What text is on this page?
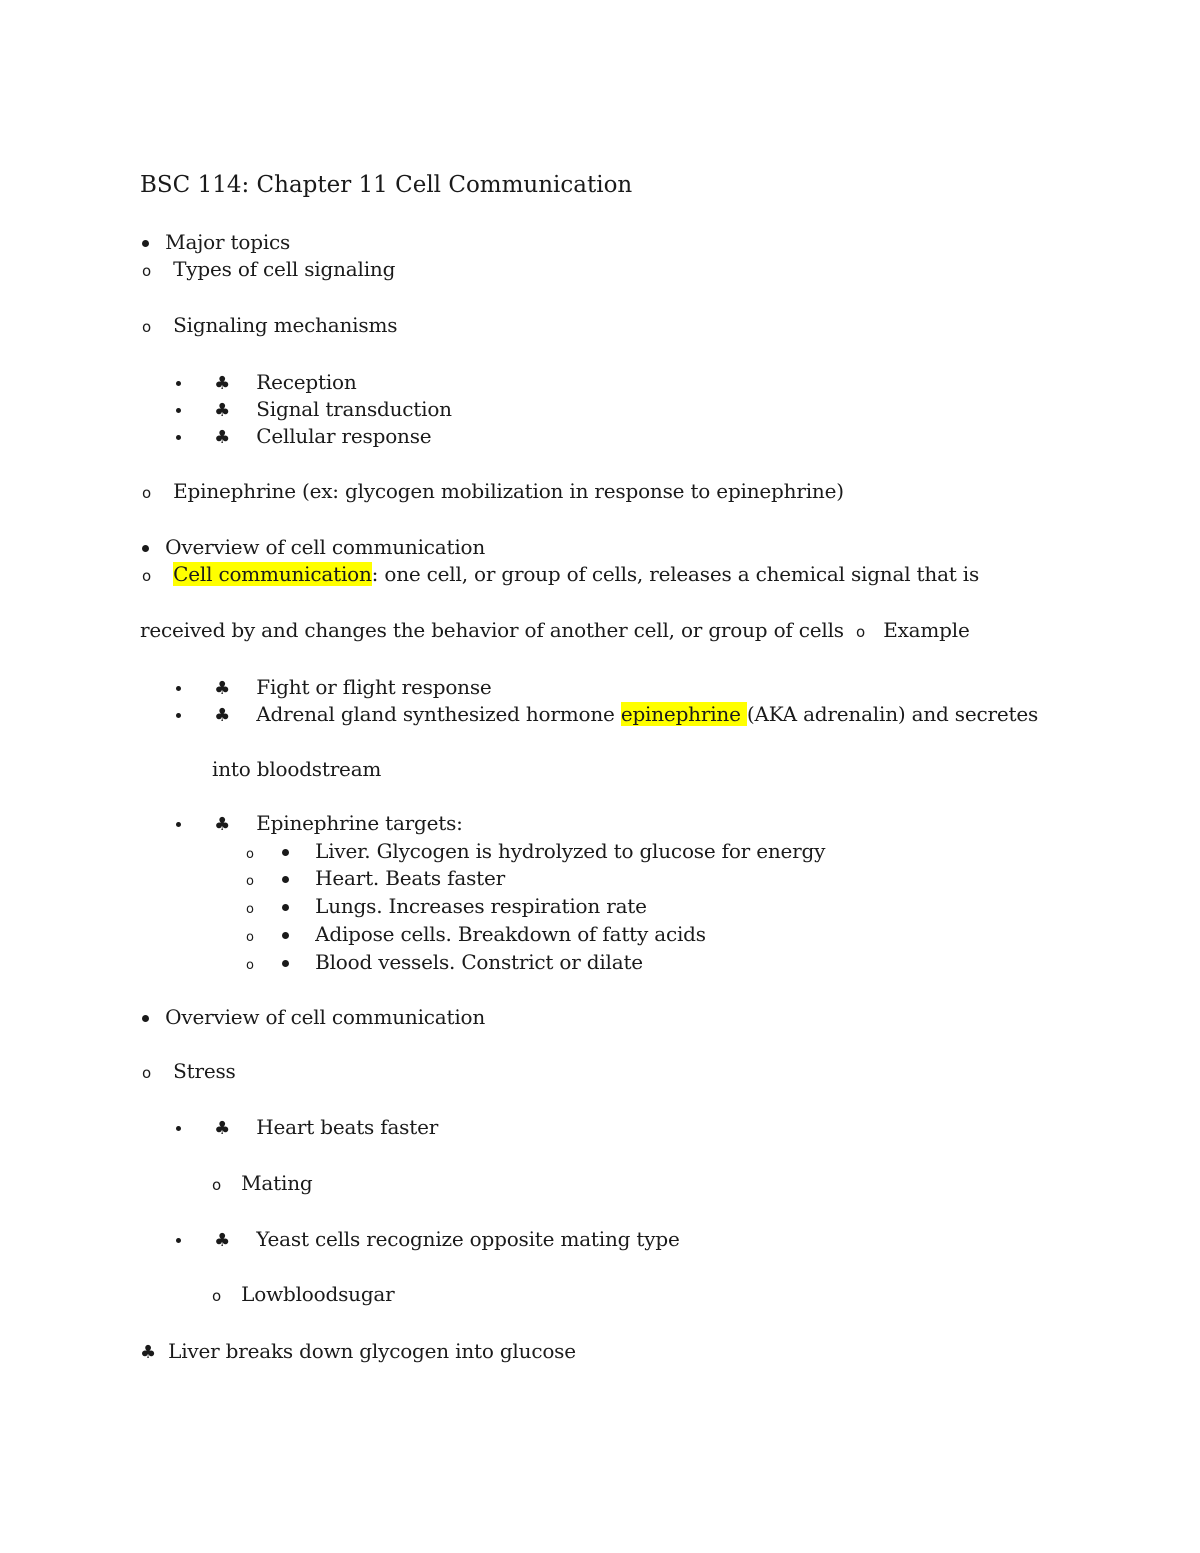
BSC 114: Chapter 11 Cell Communication
Major topics
o Types of cell signaling
o Signaling mechanisms
♣ Reception
♣ Signal transduction
♣ Cellular response
o Epinephrine (ex: glycogen mobilization in response to epinephrine)
Overview of cell communication
o Cell communication: one cell, or group of cells, releases a chemical signal that is
received by and changes the behavior of another cell, or group of cells o Example
♣ Fight or flight response
♣ Adrenal gland synthesized hormone epinephrine (AKA adrenalin) and secretes
into bloodstream
♣ Epinephrine targets:
o	Liver. Glycogen is hydrolyzed to glucose for energy
o	Heart. Beats faster
o	Lungs. Increases respiration rate
o	Adipose cells. Breakdown of fatty acids
o	Blood vessels. Constrict or dilate
Overview of cell communication
o Stress
♣ Heart beats faster
o Mating
♣ Yeast cells recognize opposite mating type
o Lowbloodsugar
♣ Liver breaks down glycogen into glucose
